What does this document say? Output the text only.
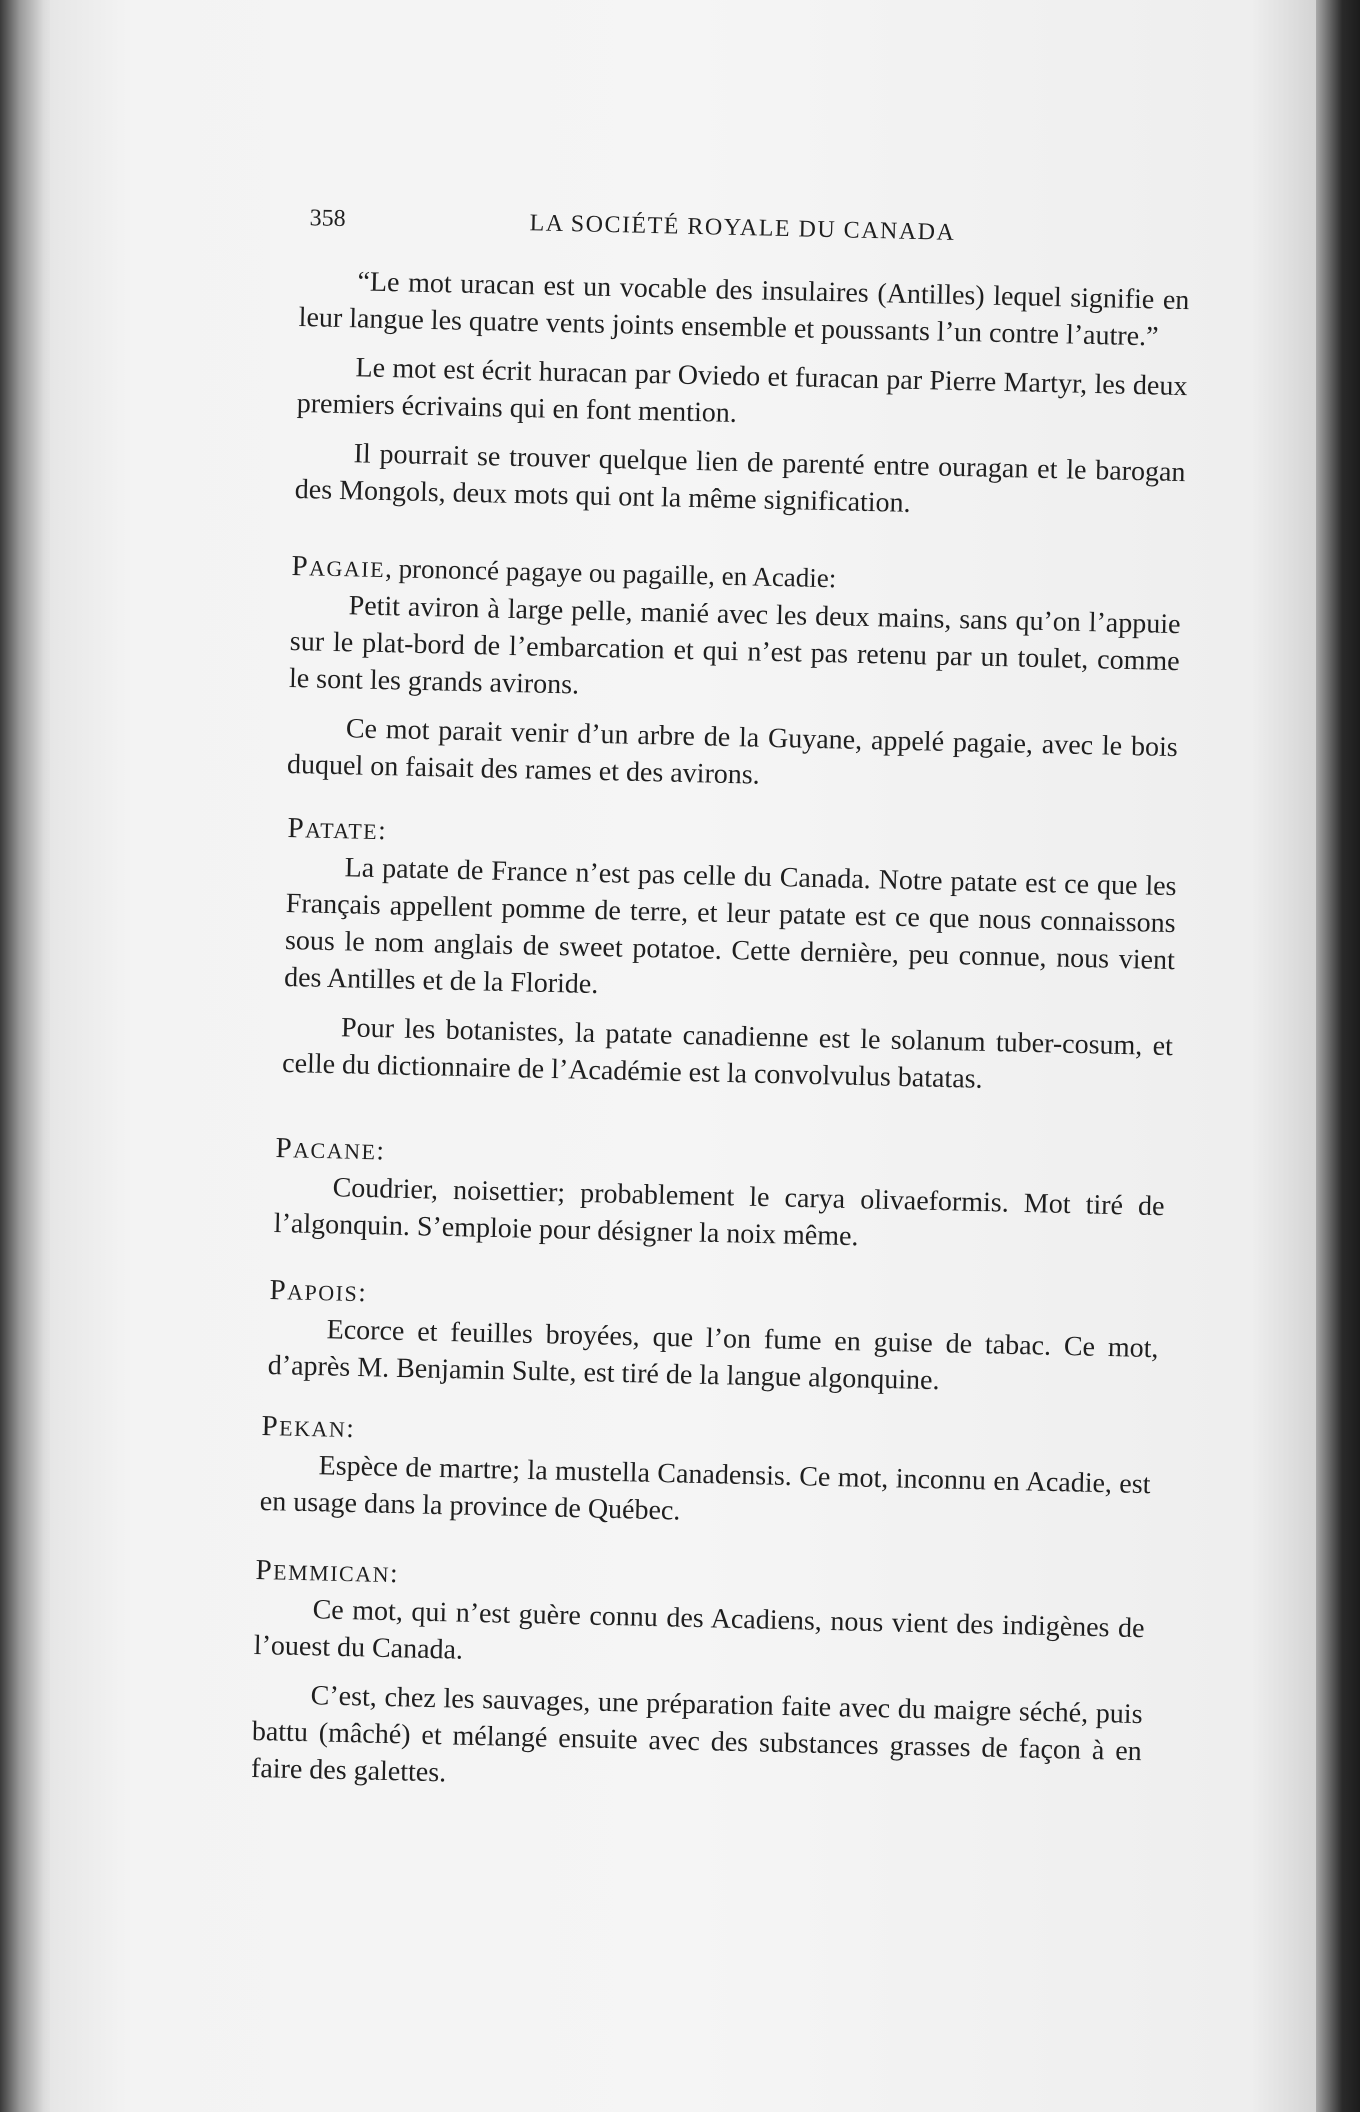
358	LA SOCIÉTÉ ROYALE DU CANADA

“Le mot uracan est un vocable des insulaires (Antilles) lequel signifie en leur langue les quatre vents joints ensemble et poussants l’un contre l’autre.”

Le mot est écrit huracan par Oviedo et furacan par Pierre Martyr, les deux premiers écrivains qui en font mention.

Il pourrait se trouver quelque lien de parenté entre ouragan et le barogan des Mongols, deux mots qui ont la même signification.

PAGAIE, prononcé pagaye ou pagaille, en Acadie:

Petit aviron à large pelle, manié avec les deux mains, sans qu’on l’appuie sur le plat-bord de l’embarcation et qui n’est pas retenu par un toulet, comme le sont les grands avirons.

Ce mot parait venir d’un arbre de la Guyane, appelé pagaie, avec le bois duquel on faisait des rames et des avirons.

PATATE:

La patate de France n’est pas celle du Canada. Notre patate est ce que les Français appellent pomme de terre, et leur patate est ce que nous connaissons sous le nom anglais de sweet potatoe. Cette dernière, peu connue, nous vient des Antilles et de la Floride.

Pour les botanistes, la patate canadienne est le solanum tuber-cosum, et celle du dictionnaire de l’Académie est la convolvulus batatas.

PACANE:

Coudrier, noisettier; probablement le carya olivaeformis. Mot tiré de l’algonquin. S’emploie pour désigner la noix même.

PAPOIS:

Ecorce et feuilles broyées, que l’on fume en guise de tabac. Ce mot, d’après M. Benjamin Sulte, est tiré de la langue algonquine.

PEKAN:

Espèce de martre; la mustella Canadensis. Ce mot, inconnu en Acadie, est en usage dans la province de Québec.

PEMMICAN:

Ce mot, qui n’est guère connu des Acadiens, nous vient des indigènes de l’ouest du Canada.

C’est, chez les sauvages, une préparation faite avec du maigre séché, puis battu (mâché) et mélangé ensuite avec des substances grasses de façon à en faire des galettes.
